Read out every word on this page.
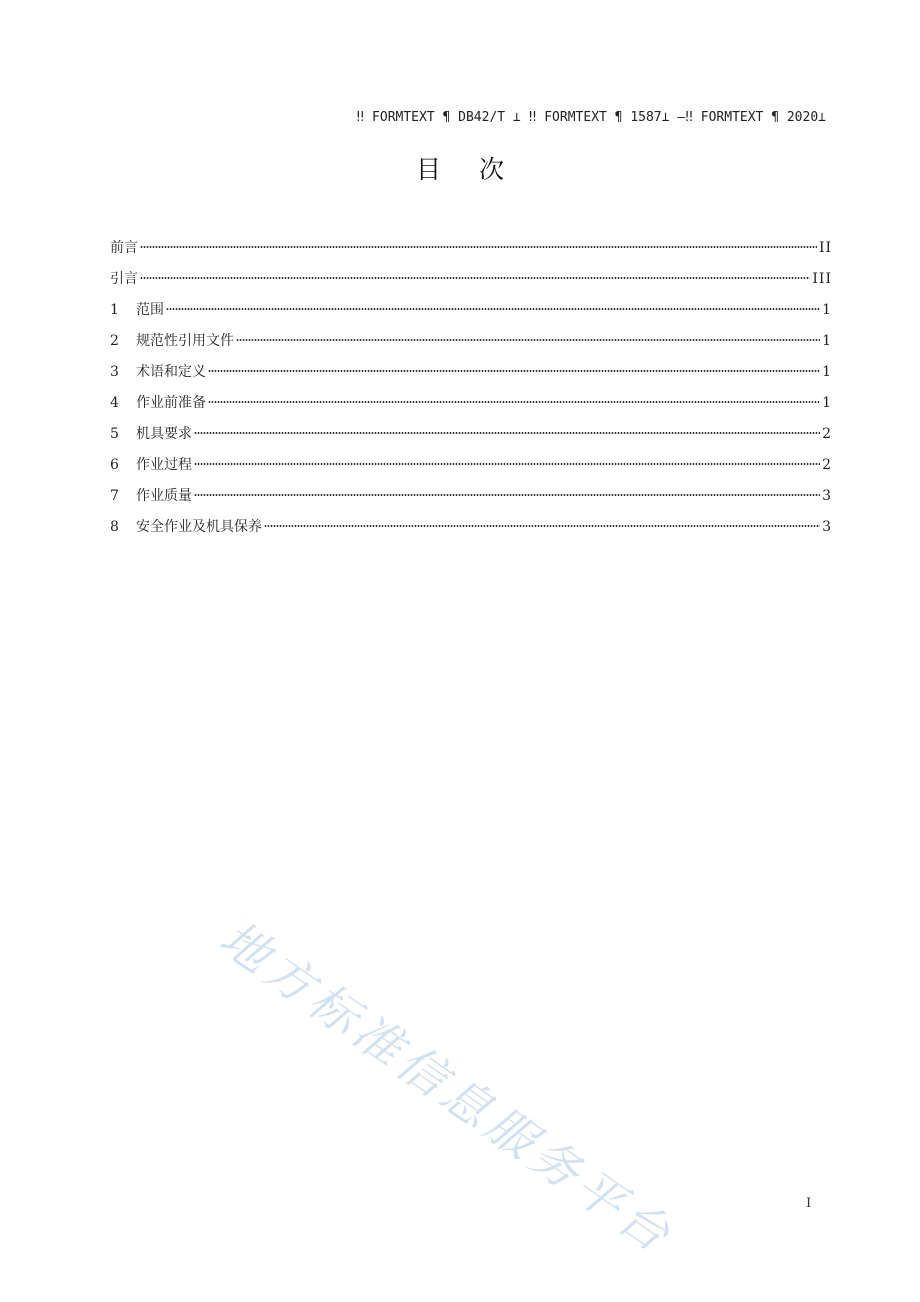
‼ FORMTEXT ¶ DB42/T ⊥ ‼ FORMTEXT ¶ 1587⊥ —‼ FORMTEXT ¶ 2020⊥
目次
前言	II
引言	III
1	范围	1
2	规范性引用文件	1
3	术语和定义	1
4	作业前准备	1
5	机具要求	2
6	作业过程	2
7	作业质量	3
8	安全作业及机具保养	3
地方标准信息服务平台	I
